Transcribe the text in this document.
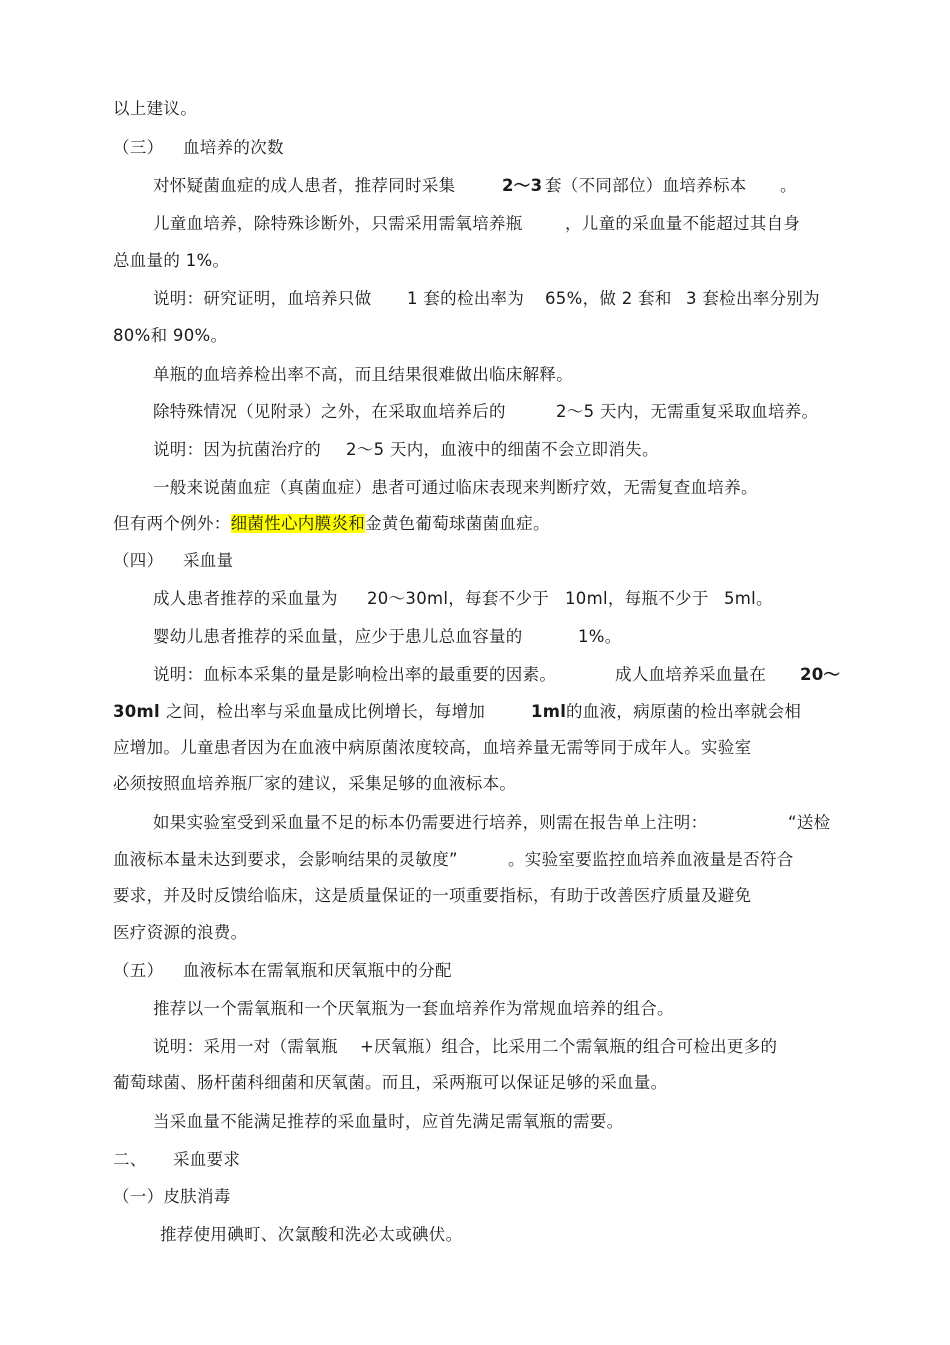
以上建议。
（三） 血培养的次数
对怀疑菌血症的成人患者，推荐同时采集	2～3 套（不同部位）血培养标本 。
儿童血培养，除特殊诊断外，只需采用需氧培养瓶	，儿童的采血量不能超过其自身
总血量的 1%。
说明：研究证明，血培养只做 1 套的检出率为 65%，做 2 套和 3 套检出率分别为
80%和 90%。
单瓶的血培养检出率不高，而且结果很难做出临床解释。
除特殊情况（见附录）之外，在采取血培养后的	2～5 天内，无需重复采取血培养。
说明：因为抗菌治疗的 2～5 天内，血液中的细菌不会立即消失。
一般来说菌血症（真菌血症）患者可通过临床表现来判断疗效，无需复查血培养。
但有两个例外：细菌性心内膜炎和金黄色葡萄球菌菌血症。
（四） 采血量
成人患者推荐的采血量为 20～30ml，每套不少于 10ml，每瓶不少于 5ml。
婴幼儿患者推荐的采血量，应少于患儿总血容量的	1%。
说明：血标本采集的量是影响检出率的最重要的因素。	成人血培养采血量在 20～
30ml 之间，检出率与采血量成比例增长，每增加	1ml 的血液，病原菌的检出率就会相
应增加。儿童患者因为在血液中病原菌浓度较高，血培养量无需等同于成年人。实验室
必须按照血培养瓶厂家的建议，采集足够的血液标本。
如果实验室受到采血量不足的标本仍需要进行培养，则需在报告单上注明：	“送检
血液标本量未达到要求，会影响结果的灵敏度”	。实验室要监控血培养血液量是否符合
要求，并及时反馈给临床，这是质量保证的一项重要指标，有助于改善医疗质量及避免
医疗资源的浪费。
（五） 血液标本在需氧瓶和厌氧瓶中的分配
推荐以一个需氧瓶和一个厌氧瓶为一套血培养作为常规血培养的组合。
说明：采用一对（需氧瓶 +厌氧瓶）组合，比采用二个需氧瓶的组合可检出更多的
葡萄球菌、肠杆菌科细菌和厌氧菌。而且，采两瓶可以保证足够的采血量。
当采血量不能满足推荐的采血量时，应首先满足需氧瓶的需要。
二、 采血要求
（一）皮肤消毒
推荐使用碘町、次氯酸和洗必太或碘伏。
